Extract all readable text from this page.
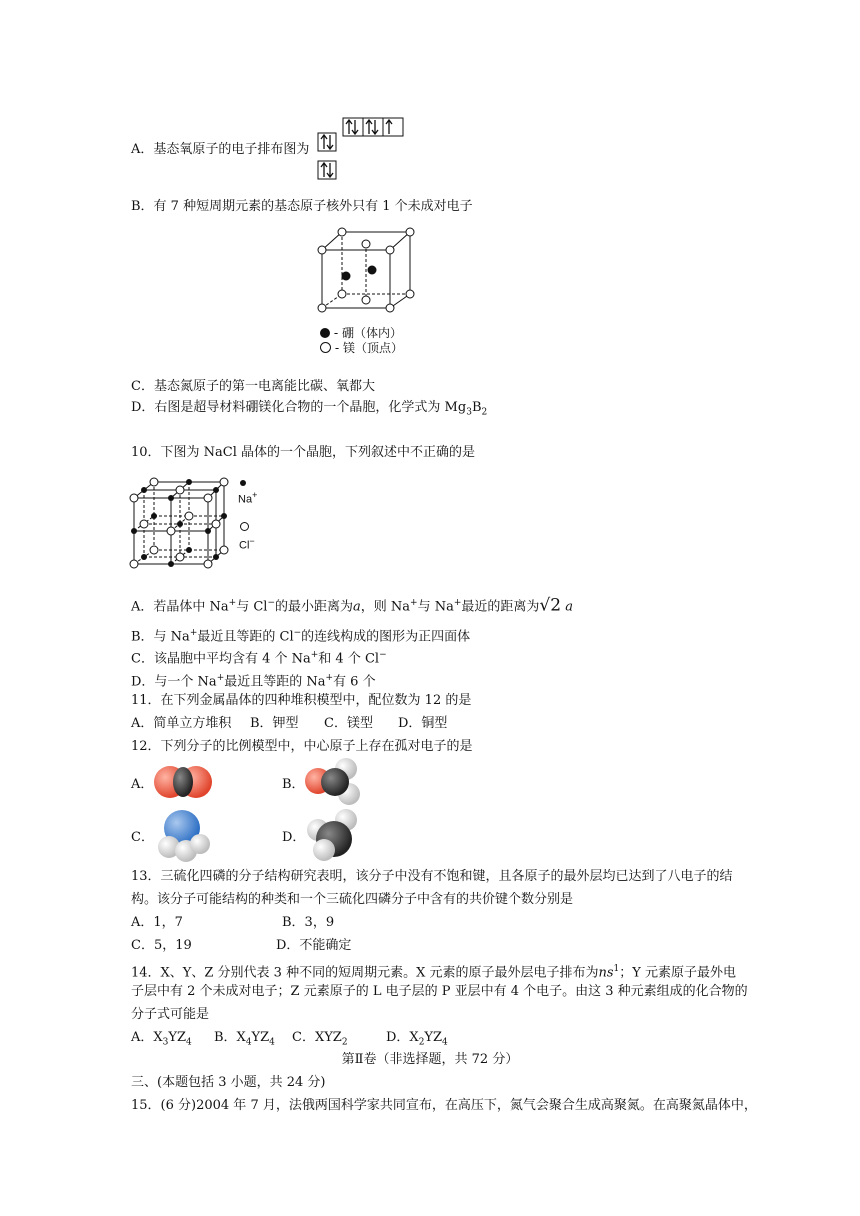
A．基态氧原子的电子排布图为
B．有 7 种短周期元素的基态原子核外只有 1 个未成对电子
- 硼（体内）
- 镁（顶点）
C．基态氮原子的第一电离能比碳、氧都大
D．右图是超导材料硼镁化合物的一个晶胞，化学式为 $Mg_3B_2$
10．下图为 NaCl 晶体的一个晶胞，下列叙述中不正确的是
Na+
Cl−
A．若晶体中 Na+与 Cl−的最小距离为a，则 Na+与 Na+最近的距离为√2 a
B．与 Na+最近且等距的 Cl−的连线构成的图形为正四面体
C．该晶胞中平均含有 4 个 Na+和 4 个 Cl−
D．与一个 Na+最近且等距的 Na+有 6 个
11．在下列金属晶体的四种堆积模型中，配位数为 12 的是
A．简单立方堆积 B．钾型 C．镁型 D．铜型
12．下列分子的比例模型中，中心原子上存在孤对电子的是
A．	B．
C．	D．
13．三硫化四磷的分子结构研究表明，该分子中没有不饱和键，且各原子的最外层均已达到了八电子的结
构。该分子可能结构的种类和一个三硫化四磷分子中含有的共价键个数分别是
A．1，7	B．3，9
C．5，19	D．不能确定
14．X、Y、Z 分别代表 3 种不同的短周期元素。X 元素的原子最外层电子排布为$ns^1$；Y 元素原子最外电
子层中有 2 个未成对电子；Z 元素原子的 L 电子层的 P 亚层中有 4 个电子。由这 3 种元素组成的化合物的
分子式可能是
A．$X_3YZ_4$ B．$X_4YZ_4$ C．$XYZ_2$	D．$X_2YZ_4$
第Ⅱ卷（非选择题，共 72 分）
三、(本题包括 3 小题，共 24 分)
15．(6 分)2004 年 7 月，法俄两国科学家共同宣布，在高压下，氮气会聚合生成高聚氮。在高聚氮晶体中，
